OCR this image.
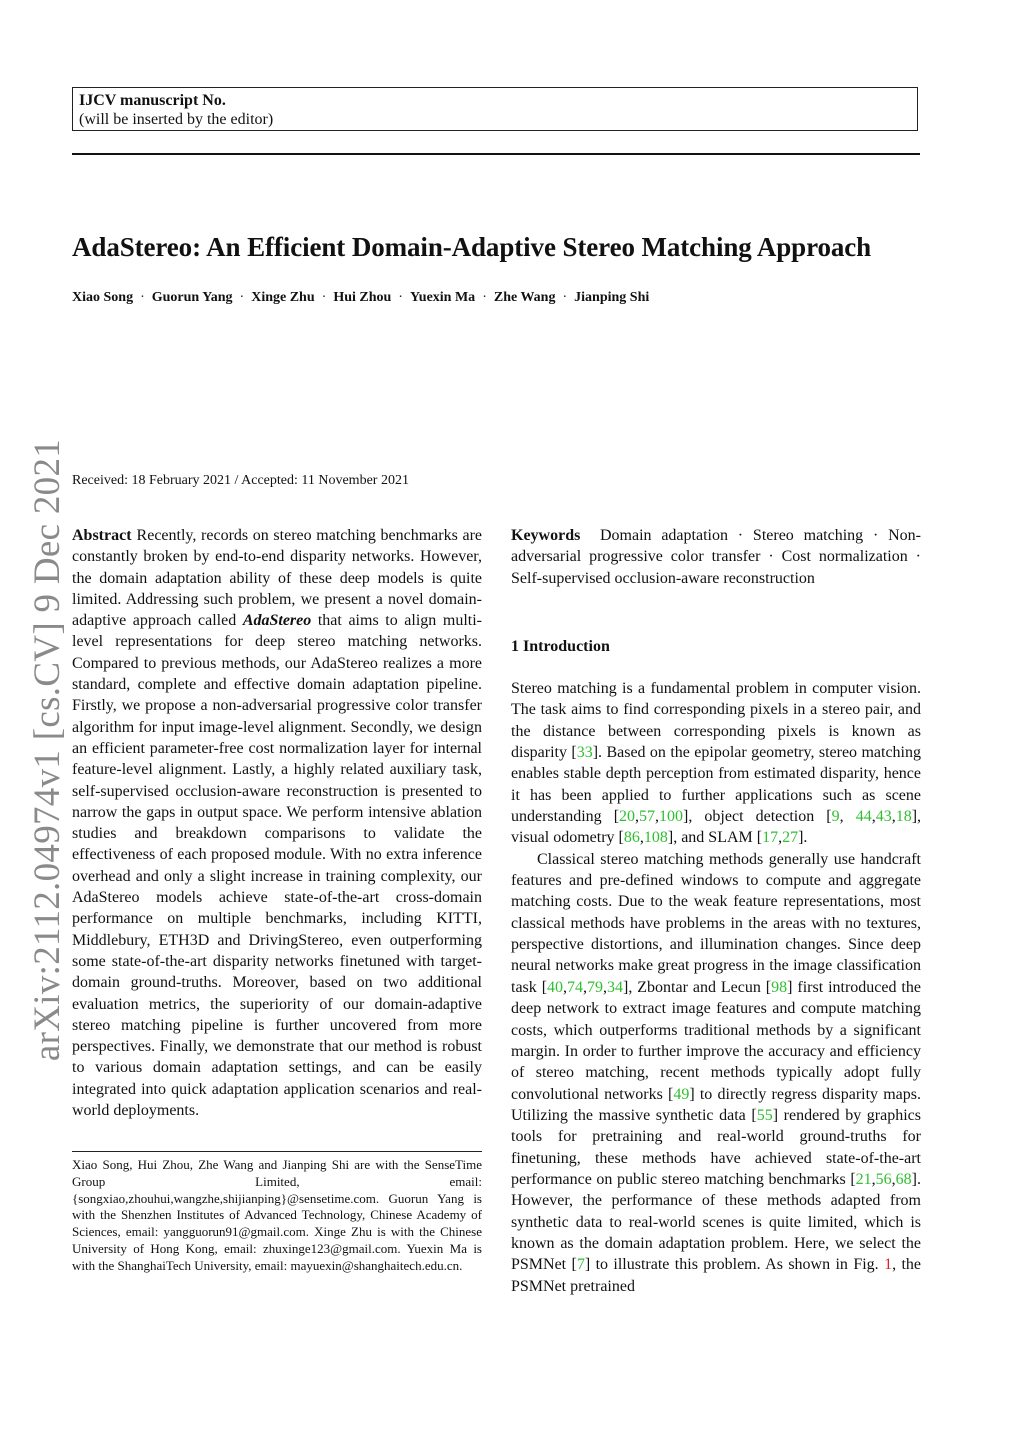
IJCV manuscript No.
(will be inserted by the editor)
AdaStereo: An Efficient Domain-Adaptive Stereo Matching Approach

Xiao Song · Guorun Yang · Xinge Zhu · Hui Zhou · Yuexin Ma · Zhe Wang · Jianping Shi

arXiv:2112.04974v1 [cs.CV] 9 Dec 2021 Received: 18 February 2021 / Accepted: 11 November 2021

Abstract Recently, records on stereo matching benchmarks are constantly broken by end-to-end disparity networks. However, the domain adaptation ability of these deep models is quite limited. Addressing such problem, we present a novel domain-adaptive approach called AdaStereo that aims to align multi-level representations for deep stereo matching networks. Compared to previous methods, our AdaStereo realizes a more standard, complete and effective domain adaptation pipeline. Firstly, we propose a non-adversarial progressive color transfer algorithm for input image-level alignment. Secondly, we design an efficient parameter-free cost normalization layer for internal feature-level alignment. Lastly, a highly related auxiliary task, self-supervised occlusion-aware reconstruction is presented to narrow the gaps in output space. We perform intensive ablation studies and breakdown comparisons to validate the effectiveness of each proposed module. With no extra inference overhead and only a slight increase in training complexity, our AdaStereo models achieve state-of-the-art cross-domain performance on multiple benchmarks, including KITTI, Middlebury, ETH3D and DrivingStereo, even outperforming some state-of-the-art disparity networks finetuned with target-domain ground-truths. Moreover, based on two additional evaluation metrics, the superiority of our domain-adaptive stereo matching pipeline is further uncovered from more perspectives. Finally, we demonstrate that our method is robust to various domain adaptation settings, and can be easily integrated into quick adaptation application scenarios and real-world deployments.

Xiao Song, Hui Zhou, Zhe Wang and Jianping Shi are with the SenseTime Group Limited, email: {songxiao,zhouhui,wangzhe,shijianping}@sensetime.com. Guorun Yang is with the Shenzhen Institutes of Advanced Technology, Chinese Academy of Sciences, email: yangguorun91@gmail.com. Xinge Zhu is with the Chinese University of Hong Kong, email: zhuxinge123@gmail.com. Yuexin Ma is with the ShanghaiTech University, email: mayuexin@shanghaitech.edu.cn.

Keywords Domain adaptation · Stereo matching · Non-adversarial progressive color transfer · Cost normalization · Self-supervised occlusion-aware reconstruction

1 Introduction

Stereo matching is a fundamental problem in computer vision. The task aims to find corresponding pixels in a stereo pair, and the distance between corresponding pixels is known as disparity [33]. Based on the epipolar geometry, stereo matching enables stable depth perception from estimated disparity, hence it has been applied to further applications such as scene understanding [20,57,100], object detection [9, 44,43,18], visual odometry [86,108], and SLAM [17,27].

Classical stereo matching methods generally use handcraft features and pre-defined windows to compute and aggregate matching costs. Due to the weak feature representations, most classical methods have problems in the areas with no textures, perspective distortions, and illumination changes. Since deep neural networks make great progress in the image classification task [40,74,79,34], Zbontar and Lecun [98] first introduced the deep network to extract image features and compute matching costs, which outperforms traditional methods by a significant margin. In order to further improve the accuracy and efficiency of stereo matching, recent methods typically adopt fully convolutional networks [49] to directly regress disparity maps. Utilizing the massive synthetic data [55] rendered by graphics tools for pretraining and real-world ground-truths for finetuning, these methods have achieved state-of-the-art performance on public stereo matching benchmarks [21,56,68]. However, the performance of these methods adapted from synthetic data to real-world scenes is quite limited, which is known as the domain adaptation problem. Here, we select the PSMNet [7] to illustrate this problem. As shown in Fig. 1, the PSMNet pretrained
